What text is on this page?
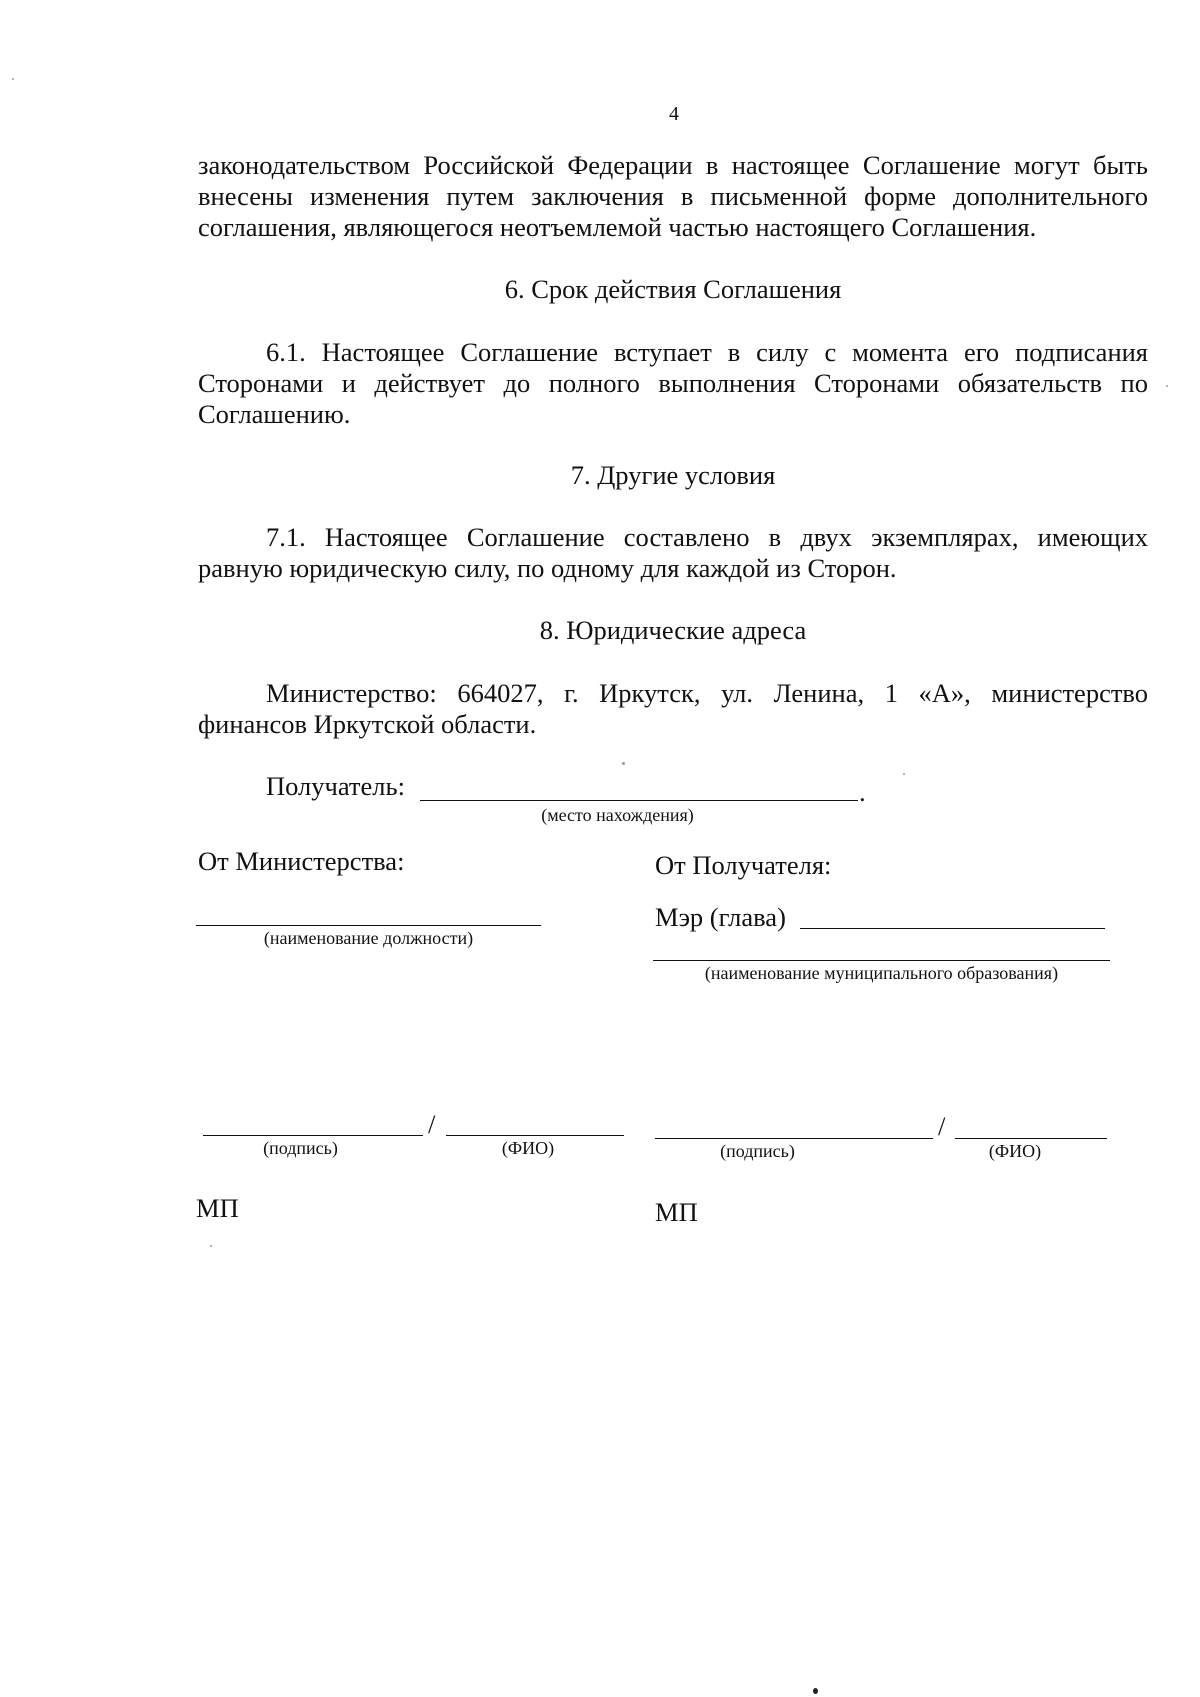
4
законодательством Российской Федерации в настоящее Соглашение могут быть
внесены изменения путем заключения в письменной форме дополнительного
соглашения, являющегося неотъемлемой частью настоящего Соглашения.
6. Срок действия Соглашения
6.1. Настоящее Соглашение вступает в силу с момента его подписания
Сторонами и действует до полного выполнения Сторонами обязательств по
Соглашению.
7. Другие условия
7.1. Настоящее Соглашение составлено в двух экземплярах, имеющих
равную юридическую силу, по одному для каждой из Сторон.
8. Юридические адреса
Министерство: 664027, г. Иркутск, ул. Ленина, 1 «А», министерство
финансов Иркутской области.
Получатель:	.
(место нахождения)
От Министерства:
(наименование должности)
От Получателя:
Мэр (глава)
(наименование муниципального образования)
/
(подпись)	(ФИО)
/
(подпись)	(ФИО)
МП	МП
